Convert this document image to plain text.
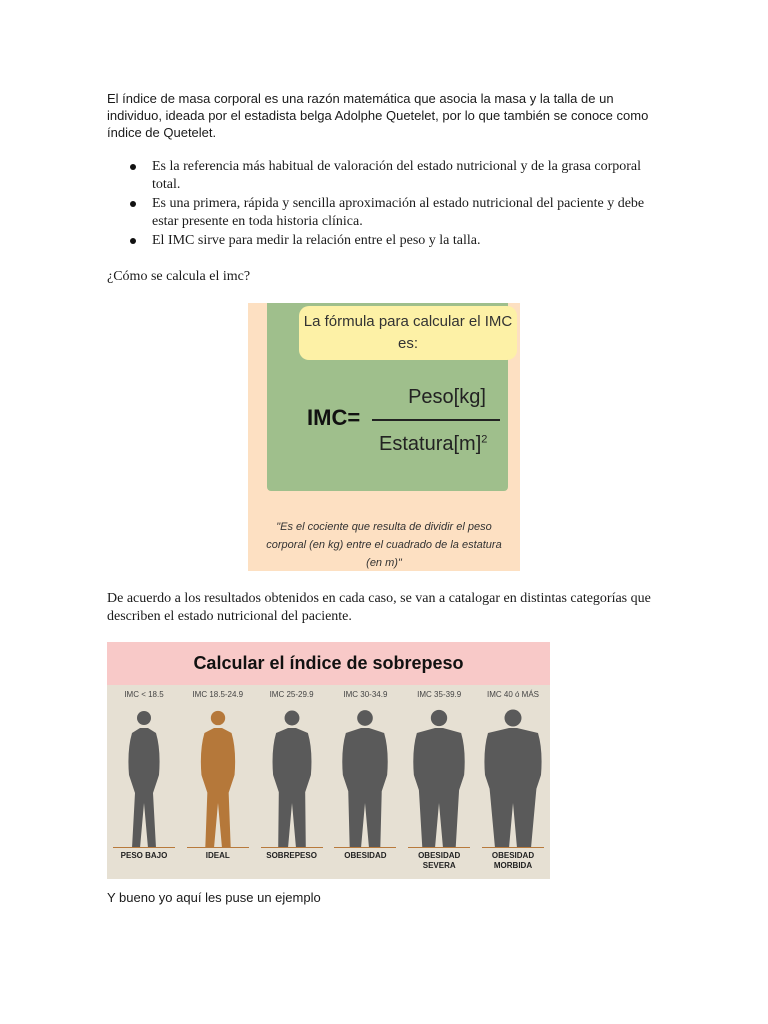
El índice de masa corporal es una razón matemática que asocia la masa y la talla de un individuo, ideada por el estadista belga Adolphe Quetelet, por lo que también se conoce como índice de Quetelet.

Es la referencia más habitual de valoración del estado nutricional y de la grasa corporal total.
Es una primera, rápida y sencilla aproximación al estado nutricional del paciente y debe estar presente en toda historia clínica.
El IMC sirve para medir la relación entre el peso y la talla.

¿Cómo se calcula el imc?

La fórmula para calcular el IMC es:
IMC=
Peso[kg]
$Estatura[m]^2$
"Es el cociente que resulta de dividir el peso corporal (en kg) entre el cuadrado de la estatura (en m)"

De acuerdo a los resultados obtenidos en cada caso, se van a catalogar en distintas categorías que describen el estado nutricional del paciente.

Calcular el índice de sobrepeso
IMC < 18.5
PESO BAJO
IMC 18.5-24.9
IDEAL
IMC 25-29.9
SOBREPESO
IMC 30-34.9
OBESIDAD
IMC 35-39.9
OBESIDAD SEVERA
IMC 40 ó MÁS
OBESIDAD MORBIDA

Y bueno yo aquí les puse un ejemplo
